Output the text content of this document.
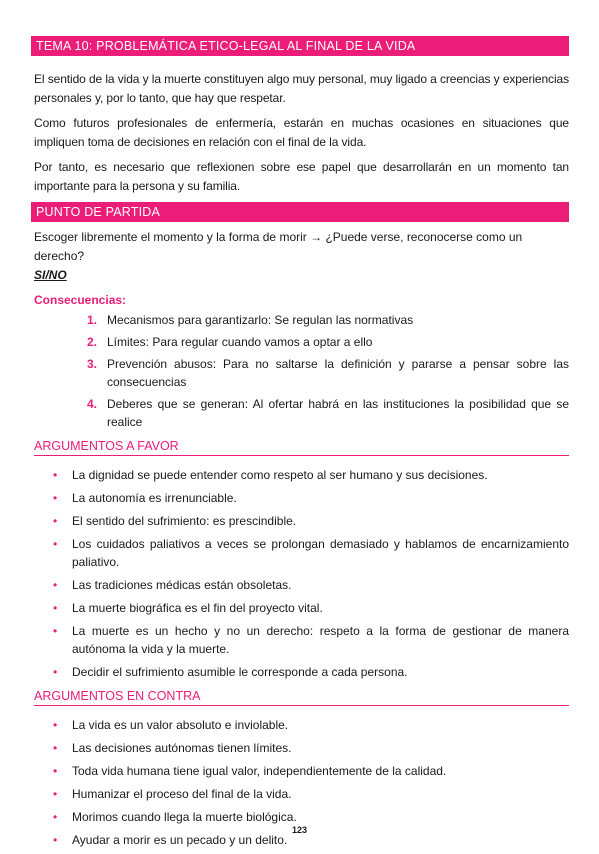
TEMA 10: PROBLEMÁTICA ETICO-LEGAL AL FINAL DE LA VIDA

El sentido de la vida y la muerte constituyen algo muy personal, muy ligado a creencias y experiencias personales y, por lo tanto, que hay que respetar.

Como futuros profesionales de enfermería, estarán en muchas ocasiones en situaciones que impliquen toma de decisiones en relación con el final de la vida.

Por tanto, es necesario que reflexionen sobre ese papel que desarrollarán en un momento tan importante para la persona y su familia.

PUNTO DE PARTIDA
Escoger libremente el momento y la forma de morir → ¿Puede verse, reconocerse como un derecho?
SI/NO
Consecuencias:
1. Mecanismos para garantizarlo: Se regulan las normativas
2. Límites: Para regular cuando vamos a optar a ello
3. Prevención abusos: Para no saltarse la definición y pararse a pensar sobre las consecuencias
4. Deberes que se generan: Al ofertar habrá en las instituciones la posibilidad que se realice
ARGUMENTOS A FAVOR
• La dignidad se puede entender como respeto al ser humano y sus decisiones.
• La autonomía es irrenunciable.
• El sentido del sufrimiento: es prescindible.
• Los cuidados paliativos a veces se prolongan demasiado y hablamos de encarnizamiento paliativo.
• Las tradiciones médicas están obsoletas.
• La muerte biográfica es el fin del proyecto vital.
• La muerte es un hecho y no un derecho: respeto a la forma de gestionar de manera autónoma la vida y la muerte.
• Decidir el sufrimiento asumible le corresponde a cada persona.
ARGUMENTOS EN CONTRA
• La vida es un valor absoluto e inviolable.
• Las decisiones autónomas tienen límites.
• Toda vida humana tiene igual valor, independientemente de la calidad.
• Humanizar el proceso del final de la vida.
• Morimos cuando llega la muerte biológica.
• Ayudar a morir es un pecado y un delito.
123
